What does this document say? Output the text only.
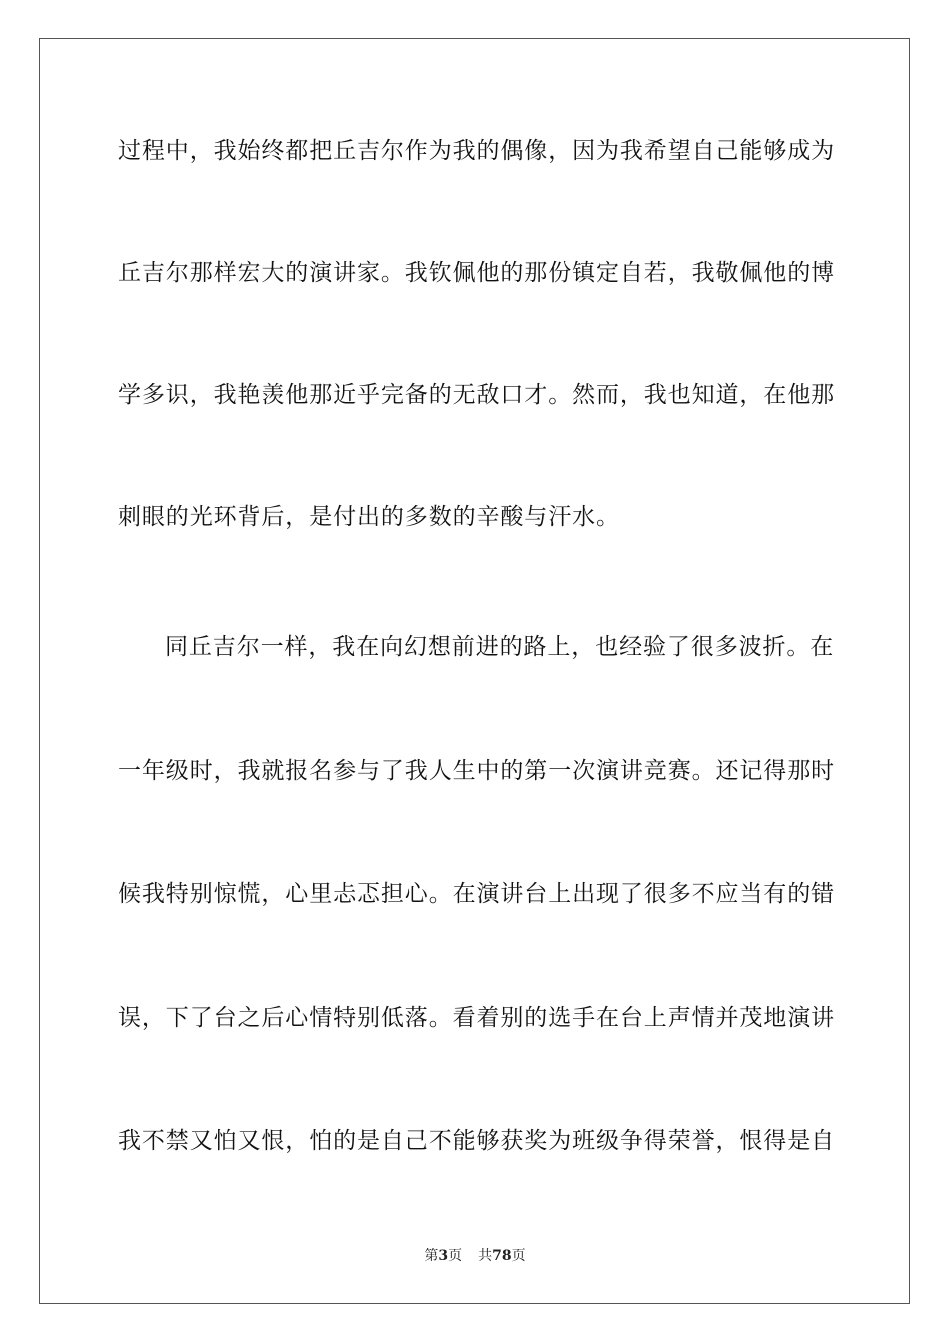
过程中，我始终都把丘吉尔作为我的偶像，因为我希望自己能够成为
丘吉尔那样宏大的演讲家。我钦佩他的那份镇定自若，我敬佩他的博
学多识，我艳羡他那近乎完备的无敌口才。然而，我也知道，在他那
刺眼的光环背后，是付出的多数的辛酸与汗水。
同丘吉尔一样，我在向幻想前进的路上，也经验了很多波折。在
一年级时，我就报名参与了我人生中的第一次演讲竞赛。还记得那时
候我特别惊慌，心里忐忑担心。在演讲台上出现了很多不应当有的错
误，下了台之后心情特别低落。看着别的选手在台上声情并茂地演讲
我不禁又怕又恨，怕的是自己不能够获奖为班级争得荣誉，恨得是自
第3页 共78页
